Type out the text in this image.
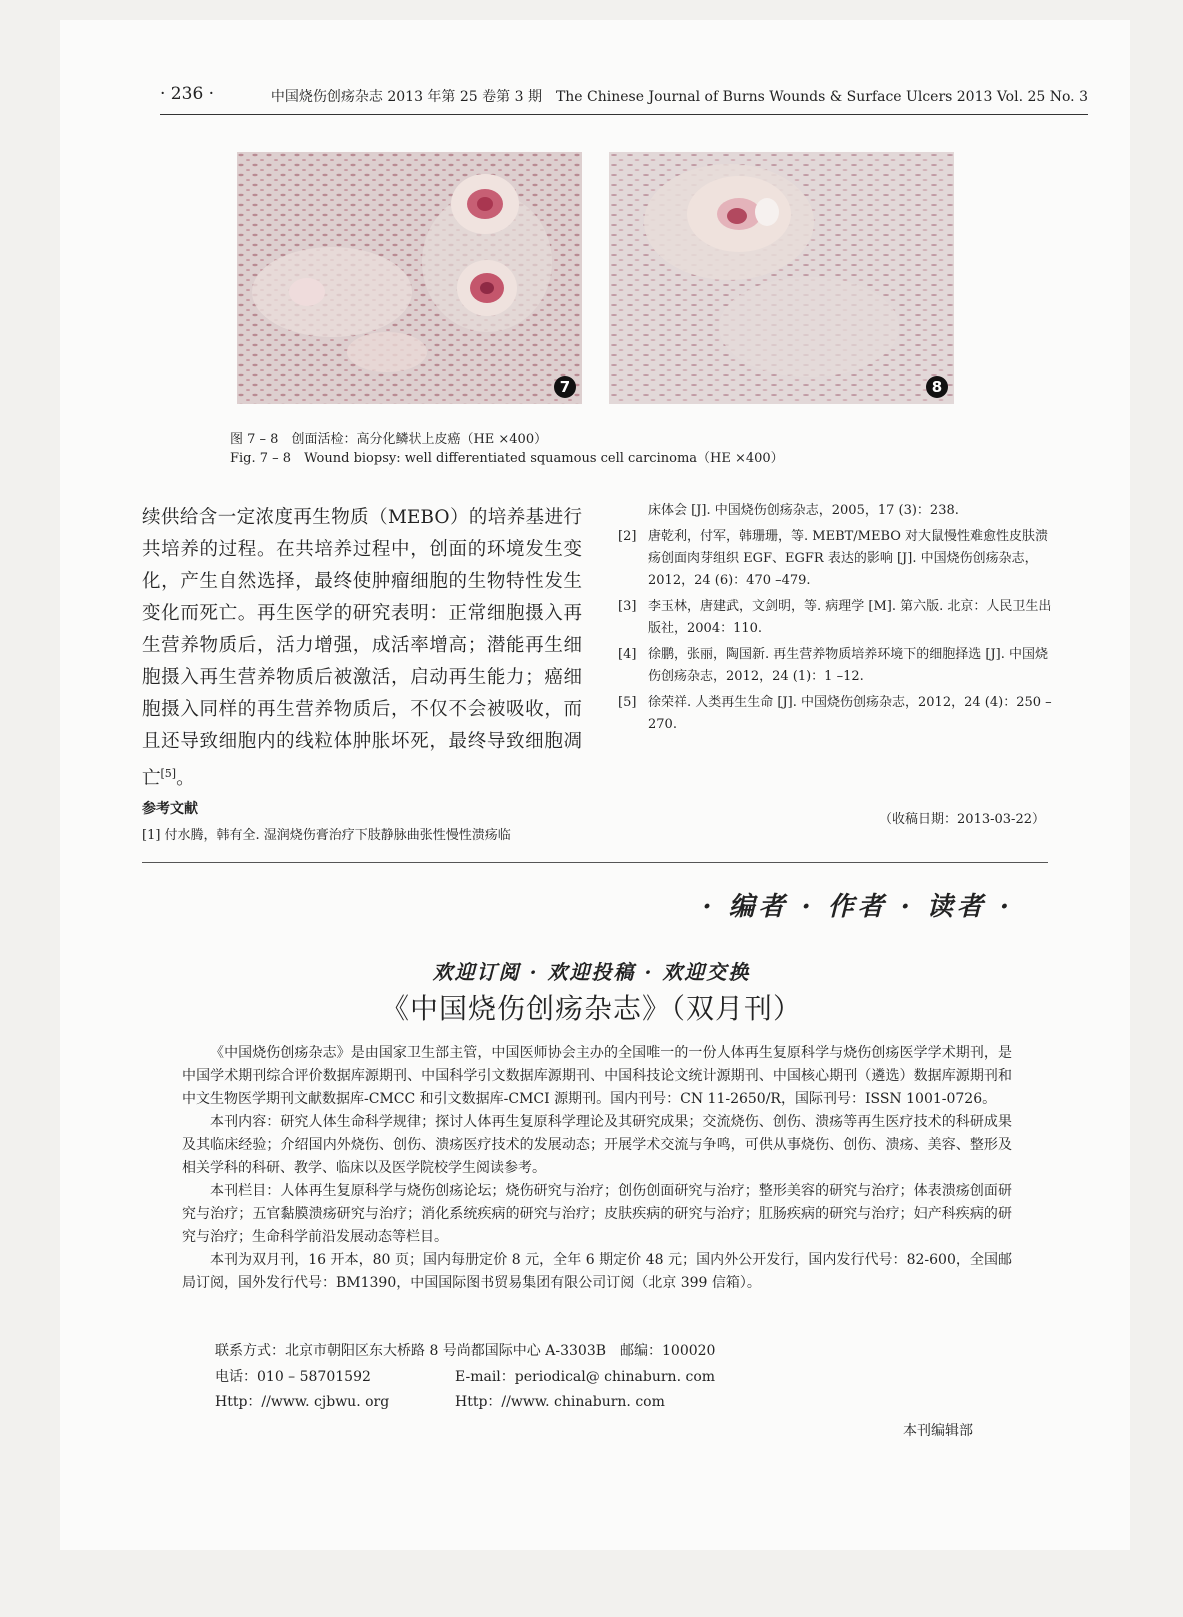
· 236 ·	中国烧伤创疡杂志 2013 年第 25 卷第 3 期　The Chinese Journal of Burns Wounds & Surface Ulcers 2013 Vol. 25 No. 3
7	8
图 7 – 8　创面活检：高分化鳞状上皮癌（HE ×400）
Fig. 7 – 8　Wound biopsy: well differentiated squamous cell carcinoma（HE ×400）
续供给含一定浓度再生物质（MEBO）的培养基进行共培养的过程。在共培养过程中，创面的环境发生变化，产生自然选择，最终使肿瘤细胞的生物特性发生变化而死亡。再生医学的研究表明：正常细胞摄入再生营养物质后，活力增强，成活率增高；潜能再生细胞摄入再生营养物质后被激活，启动再生能力；癌细胞摄入同样的再生营养物质后，不仅不会被吸收，而且还导致细胞内的线粒体肿胀坏死，最终导致细胞凋亡[5]。
参考文献
[1] 付水腾，韩有全. 湿润烧伤膏治疗下肢静脉曲张性慢性溃疡临
床体会 [J]. 中国烧伤创疡杂志，2005，17 (3)：238.
[2] 唐乾利，付军，韩珊珊，等. MEBT/MEBO 对大鼠慢性难愈性皮肤溃疡创面肉芽组织 EGF、EGFR 表达的影响 [J]. 中国烧伤创疡杂志，2012，24 (6)：470 –479.
[3] 李玉林，唐建武，文剑明，等. 病理学 [M]. 第六版. 北京：人民卫生出版社，2004：110.
[4] 徐鹏，张丽，陶国新. 再生营养物质培养环境下的细胞择选 [J]. 中国烧伤创疡杂志，2012，24 (1)：1 –12.
[5] 徐荣祥. 人类再生生命 [J]. 中国烧伤创疡杂志，2012，24 (4)：250 –270.
（收稿日期：2013-03-22）
· 编者 · 作者 · 读者 ·
欢迎订阅 · 欢迎投稿 · 欢迎交换
《中国烧伤创疡杂志》（双月刊）

《中国烧伤创疡杂志》是由国家卫生部主管，中国医师协会主办的全国唯一的一份人体再生复原科学与烧伤创疡医学学术期刊，是中国学术期刊综合评价数据库源期刊、中国科学引文数据库源期刊、中国科技论文统计源期刊、中国核心期刊（遴选）数据库源期刊和中文生物医学期刊文献数据库-CMCC 和引文数据库-CMCI 源期刊。国内刊号：CN 11-2650/R，国际刊号：ISSN 1001-0726。

本刊内容：研究人体生命科学规律；探讨人体再生复原科学理论及其研究成果；交流烧伤、创伤、溃疡等再生医疗技术的科研成果及其临床经验；介绍国内外烧伤、创伤、溃疡医疗技术的发展动态；开展学术交流与争鸣，可供从事烧伤、创伤、溃疡、美容、整形及相关学科的科研、教学、临床以及医学院校学生阅读参考。

本刊栏目：人体再生复原科学与烧伤创疡论坛；烧伤研究与治疗；创伤创面研究与治疗；整形美容的研究与治疗；体表溃疡创面研究与治疗；五官黏膜溃疡研究与治疗；消化系统疾病的研究与治疗；皮肤疾病的研究与治疗；肛肠疾病的研究与治疗；妇产科疾病的研究与治疗；生命科学前沿发展动态等栏目。

本刊为双月刊，16 开本，80 页；国内每册定价 8 元，全年 6 期定价 48 元；国内外公开发行，国内发行代号：82-600，全国邮局订阅，国外发行代号：BM1390，中国国际图书贸易集团有限公司订阅（北京 399 信箱）。

联系方式：北京市朝阳区东大桥路 8 号尚都国际中心 A-3303B　邮编：100020
电话：010 – 58701592	E-mail：periodical@ chinaburn. com
Http：//www. cjbwu. org	Http：//www. chinaburn. com
本刊编辑部
